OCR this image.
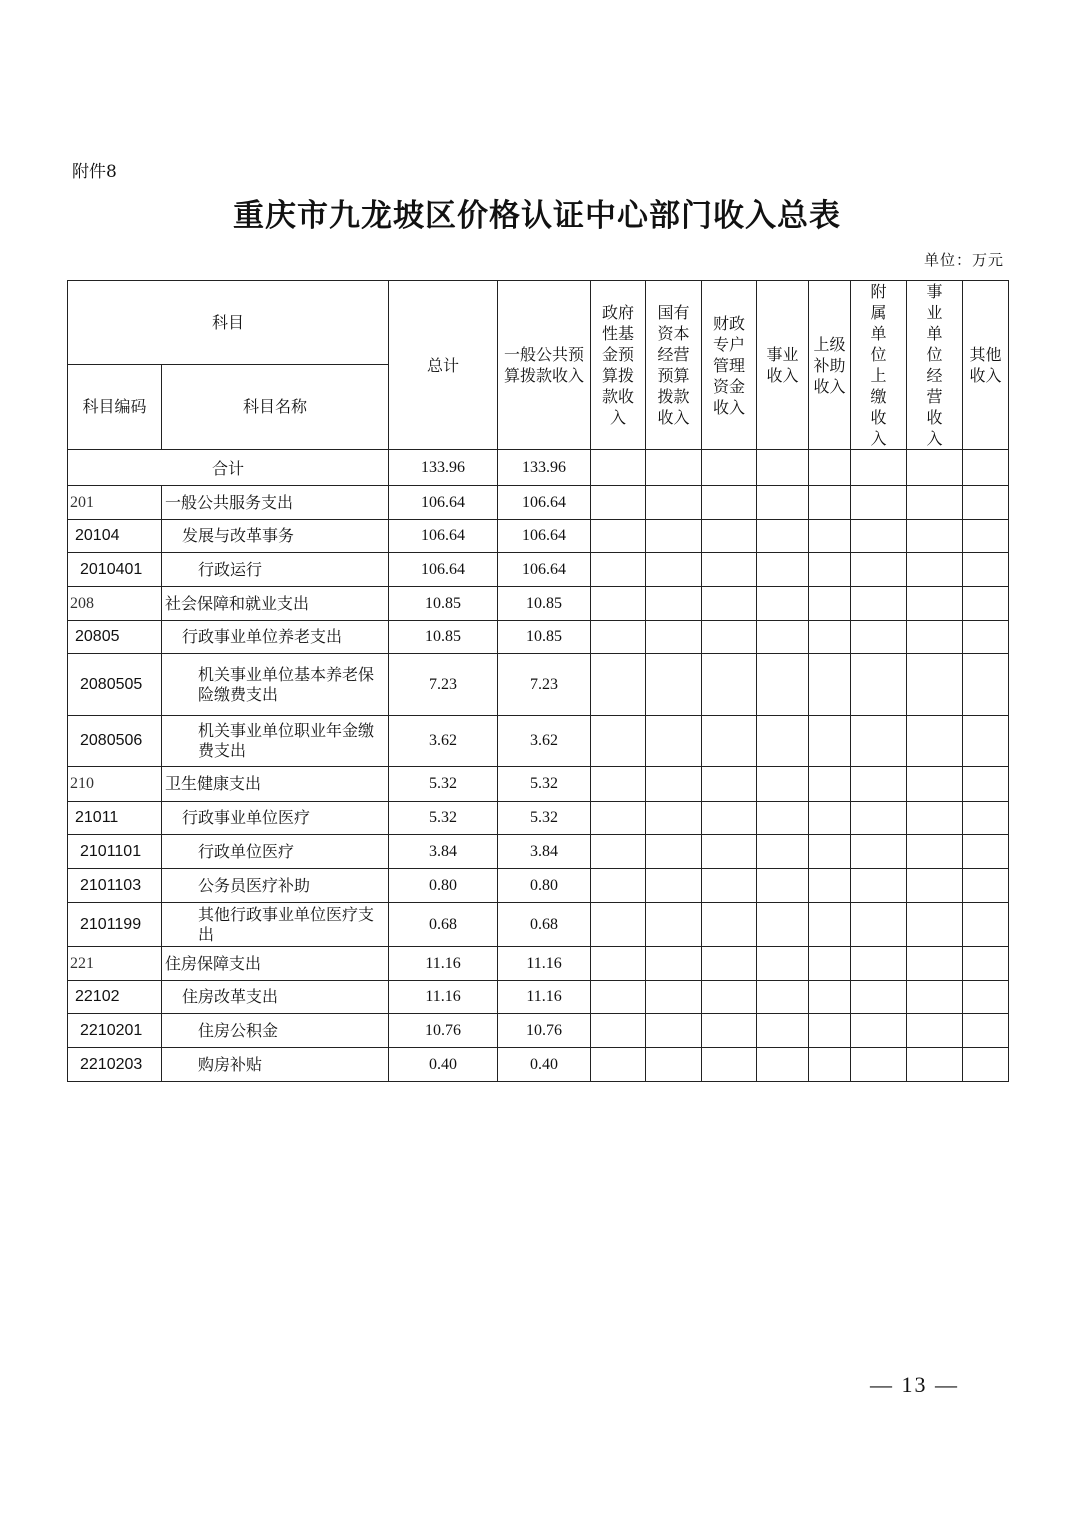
附件8
重庆市九龙坡区价格认证中心部门收入总表
单位：万元
科目		总计	一般公共预算拨款收入	政府性基金预算拨款收入	国有资本经营预算拨款收入	财政专户管理资金收入	事业收入	上级补助收入	附属单位上缴收入	事业单位经营收入	其他收入
科目编码	科目名称										
合计		133.96	133.96								
201	一般公共服务支出	106.64	106.64								
20104	发展与改革事务	106.64	106.64								
2010401	行政运行	106.64	106.64								
208	社会保障和就业支出	10.85	10.85								
20805	行政事业单位养老支出	10.85	10.85								
2080505	机关事业单位基本养老保险缴费支出	7.23	7.23								
2080506	机关事业单位职业年金缴费支出	3.62	3.62								
210	卫生健康支出	5.32	5.32								
21011	行政事业单位医疗	5.32	5.32								
2101101	行政单位医疗	3.84	3.84								
2101103	公务员医疗补助	0.80	0.80								
2101199	其他行政事业单位医疗支出	0.68	0.68								
221	住房保障支出	11.16	11.16								
22102	住房改革支出	11.16	11.16								
2210201	住房公积金	10.76	10.76								
2210203	购房补贴	0.40	0.40								
— 13 —
